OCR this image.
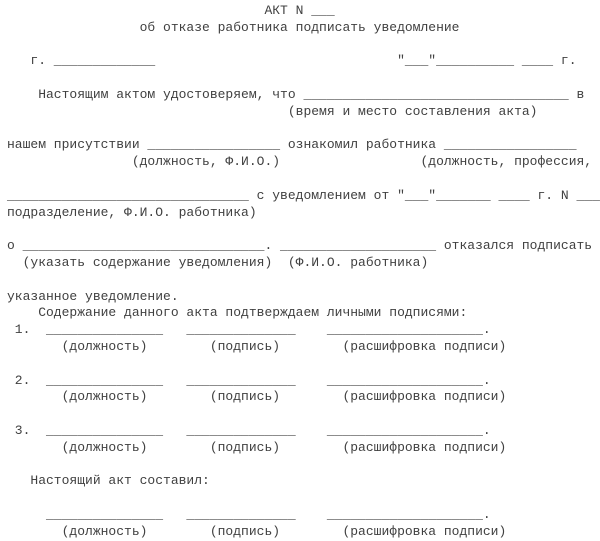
АКТ N ___
об отказе работника подписать уведомление
г. _____________                               "___"__________ ____ г.
Настоящим актом удостоверяем, что __________________________________ в
(время и место составления акта)
нашем присутствии _________________ ознакомил работника _________________
(должность, Ф.И.О.)                  (должность, профессия,
_______________________________ с уведомлением от "___"_______ ____ г. N ___
подразделение, Ф.И.О. работника)
о _______________________________. ____________________ отказался подписать
(указать содержание уведомления)  (Ф.И.О. работника)
указанное уведомление.
Содержание данного акта подтверждаем личными подписями:
1.  _______________   ______________    ____________________.
(должность)        (подпись)        (расшифровка подписи)
2.  _______________   ______________    ____________________.
(должность)        (подпись)        (расшифровка подписи)
3.  _______________   ______________    ____________________.
(должность)        (подпись)        (расшифровка подписи)
Настоящий акт составил:
_______________   ______________    ____________________.
(должность)        (подпись)        (расшифровка подписи)
